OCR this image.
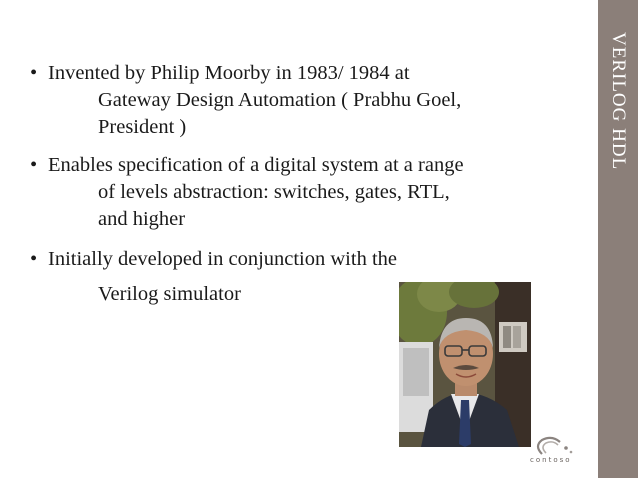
VERILOG HDL
• Invented by Philip Moorby in 1983/ 1984 at
Gateway Design Automation ( Prabhu Goel,
President )
• Enables specification of a digital system at a range
of levels abstraction: switches, gates, RTL,
and higher
• Initially developed in conjunction with the
Verilog simulator
contoso
